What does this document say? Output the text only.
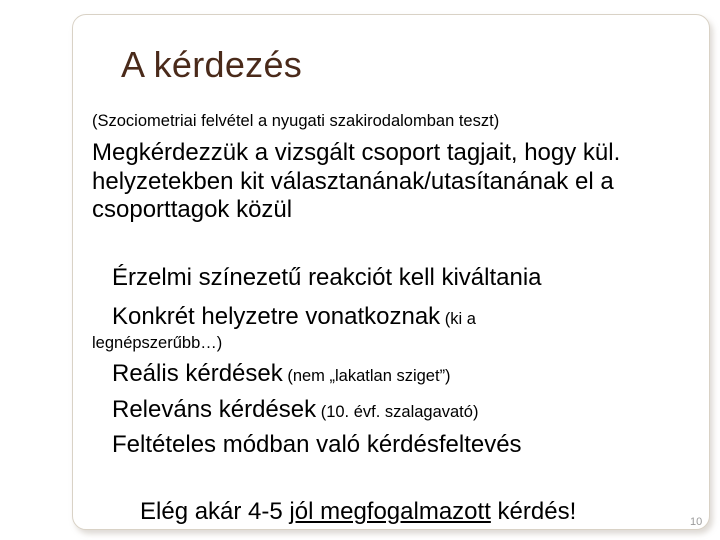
A kérdezés
(Szociometriai felvétel a nyugati szakirodalomban teszt)
Megkérdezzük a vizsgált csoport tagjait, hogy kül. helyzetekben kit választanának/utasítanának el a csoporttagok közül
Érzelmi színezetű reakciót kell kiváltania
Konkrét helyzetre vonatkoznak (ki a
legnépszerűbb…)
Reális kérdések (nem „lakatlan sziget”)
Releváns kérdések (10. évf. szalagavató)
Feltételes módban való kérdésfeltevés
Elég akár 4-5 jól megfogalmazott kérdés!	10
